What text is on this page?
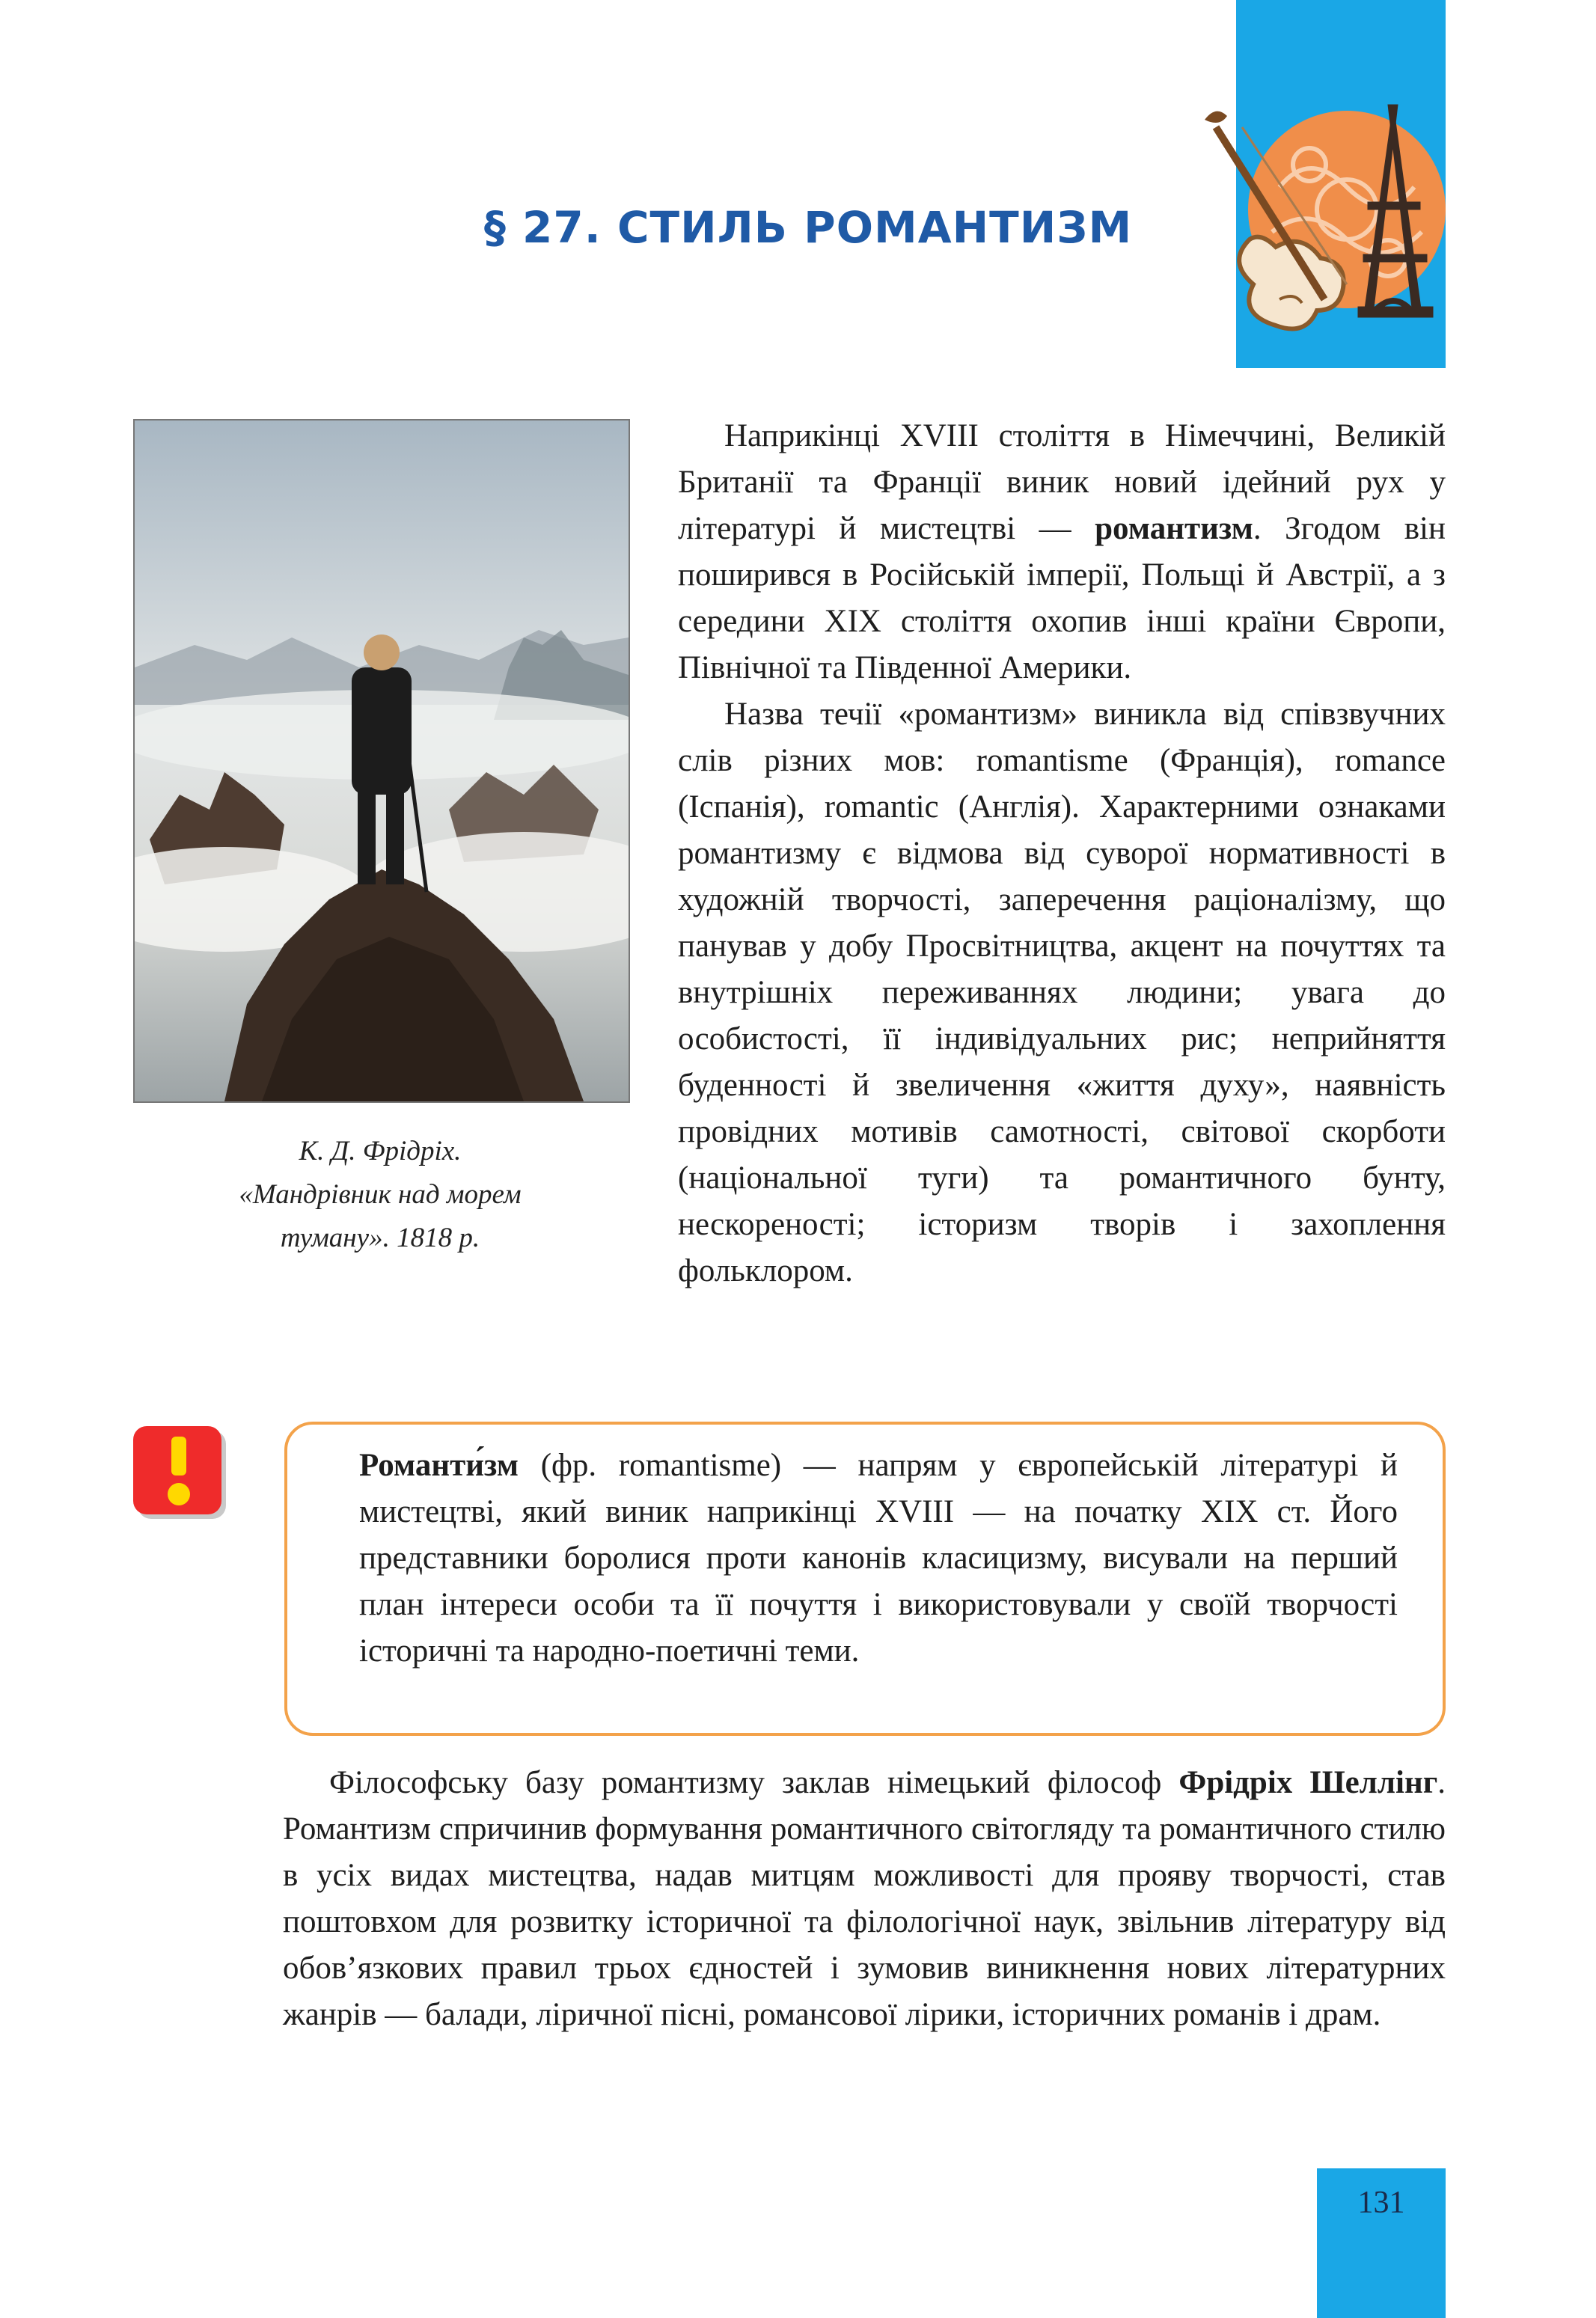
§ 27. СТИЛЬ РОМАНТИЗМ
К. Д. Фрідріх.
«Мандрівник над морем
туману». 1818 р.

Наприкінці XVIII століття в Німеччині, Великій Британії та Франції виник новий ідейний рух у літературі й мистецтві — романтизм. Згодом він поширився в Російській імперії, Польщі й Австрії, а з середини XIX століття охопив інші країни Європи, Північної та Південної Америки.

Назва течії «романтизм» виникла від співзвучних слів різних мов: romantisme (Франція), romance (Іспанія), romantic (Англія). Характерними ознаками романтизму є відмова від суворої нормативності в художній творчості, заперечення раціоналізму, що панував у добу Просвітництва, акцент на почуттях та внутрішніх переживаннях людини; увага до особистості, її індивідуальних рис; неприйняття буденності й звеличення «життя духу», наявність провідних мотивів самотності, світової скорботи (національної туги) та романтичного бунту, нескореності; історизм творів і захоплення фольклором.

Романти́зм (фр. romantisme) — напрям у європейській літературі й мистецтві, який виник наприкінці XVIII — на початку XIX ст. Його представники боролися проти канонів класицизму, висували на перший план інтереси особи та її почуття і використовували у своїй творчості історичні та народно-поетичні теми.

Філософську базу романтизму заклав німецький філософ Фрідріх Шеллінг. Романтизм спричинив формування романтичного світогляду та романтичного стилю в усіх видах мистецтва, надав митцям можливості для прояву творчості, став поштовхом для розвитку історичної та філологічної наук, звільнив літературу від обов’язкових правил трьох єдностей і зумовив виникнення нових літературних жанрів — балади, ліричної пісні, романсової лірики, історичних романів і драм.

131
